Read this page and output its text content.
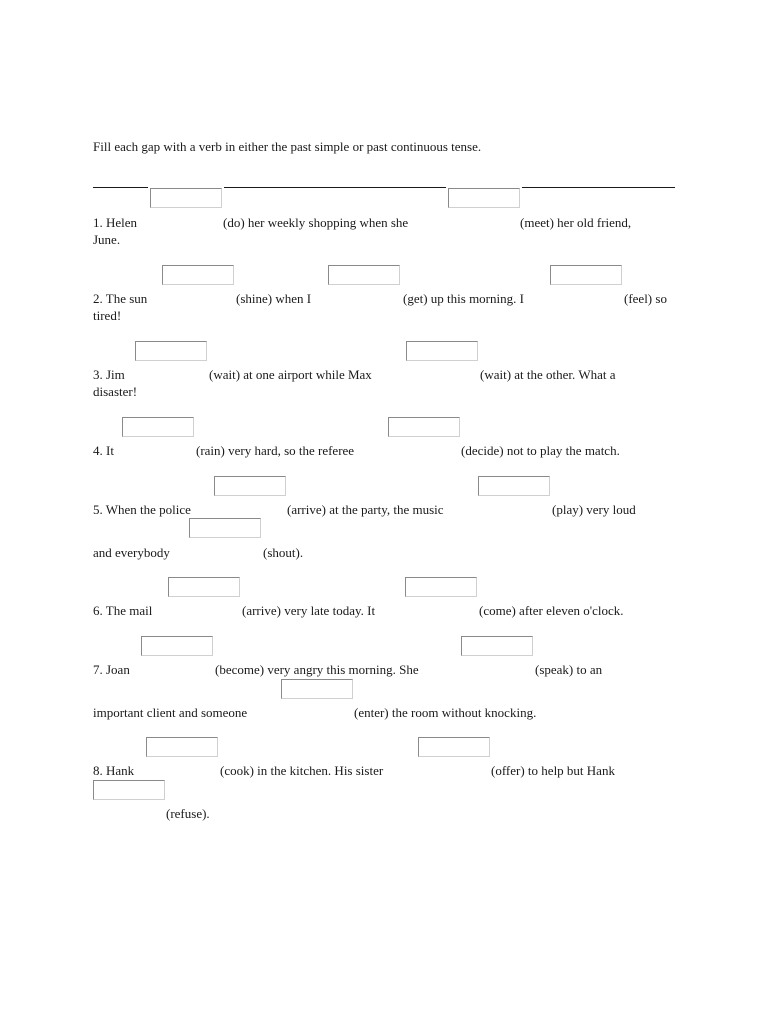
Fill each gap with a verb in either the past simple or past continuous tense.
1. Helen	(do) her weekly shopping when she	(meet) her old friend,
June.
2. The sun	(shine) when I	(get) up this morning. I	(feel) so
tired!
3. Jim	(wait) at one airport while Max	(wait) at the other. What a
disaster!
4. It	(rain) very hard, so the referee	(decide) not to play the match.
5. When the police	(arrive) at the party, the music	(play) very loud
and everybody	(shout).
6. The mail	(arrive) very late today. It	(come) after eleven o'clock.
7. Joan	(become) very angry this morning. She	(speak) to an
important client and someone	(enter) the room without knocking.
8. Hank	(cook) in the kitchen. His sister	(offer) to help but Hank
(refuse).
